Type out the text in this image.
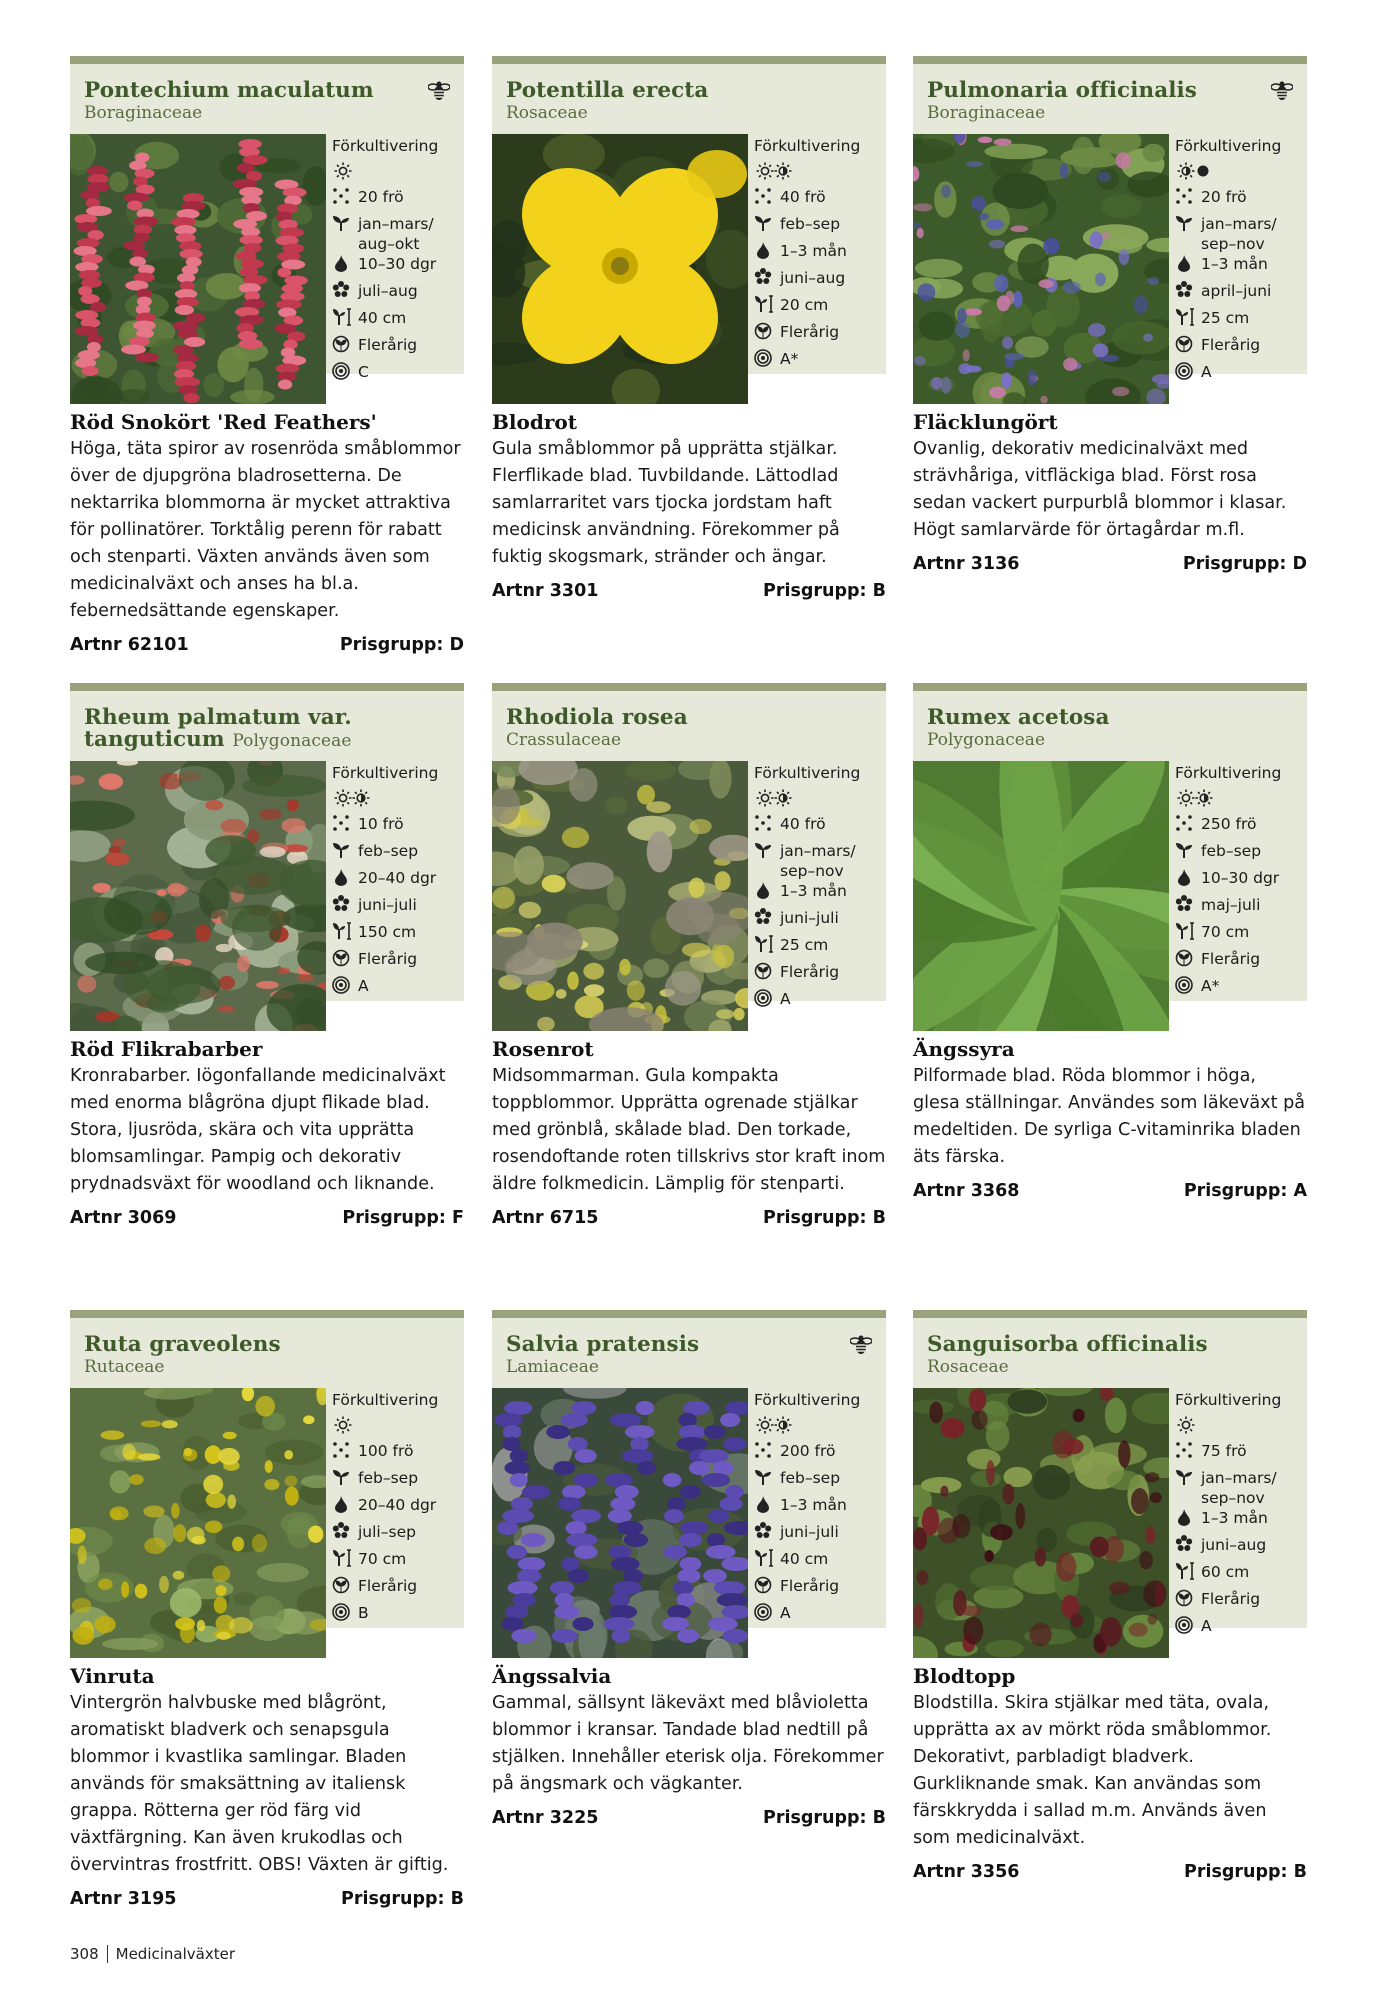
Pontechium maculatum
Boraginaceae
Förkultivering
20 frö
jan–mars/ aug–okt
10–30 dgr
juli–aug
40 cm
Flerårig
C
Röd Snokört 'Red Feathers'
Höga, täta spiror av rosenröda småblommor över de djupgröna bladrosetterna. De nektarrika blommorna är mycket attraktiva för pollinatörer. Torktålig perenn för rabatt och stenparti. Växten används även som medicinalväxt och anses ha bl.a. febernedsättande egenskaper.
Artnr 62101	Prisgrupp: D
Potentilla erecta
Rosaceae
Förkultivering
40 frö
feb–sep
1–3 mån
juni–aug
20 cm
Flerårig
A*
Blodrot
Gula småblommor på upprätta stjälkar. Flerflikade blad. Tuvbildande. Lättodlad samlarraritet vars tjocka jordstam haft medicinsk användning. Förekommer på fuktig skogsmark, stränder och ängar.
Artnr 3301	Prisgrupp: B
Pulmonaria officinalis
Boraginaceae
Förkultivering
20 frö
jan–mars/ sep–nov
1–3 mån
april–juni
25 cm
Flerårig
A
Fläcklungört
Ovanlig, dekorativ medicinalväxt med strävhåriga, vitfläckiga blad. Först rosa sedan vackert purpurblå blommor i klasar. Högt samlarvärde för örtagårdar m.fl.
Artnr 3136	Prisgrupp: D
Rheum palmatum var.
tanguticum Polygonaceae
Förkultivering
10 frö
feb–sep
20–40 dgr
juni–juli
150 cm
Flerårig
A
Röd Flikrabarber
Kronrabarber. Iögonfallande medicinalväxt med enorma blågröna djupt flikade blad. Stora, ljusröda, skära och vita upprätta blomsamlingar. Pampig och dekorativ prydnadsväxt för woodland och liknande.
Artnr 3069	Prisgrupp: F
Rhodiola rosea
Crassulaceae
Förkultivering
40 frö
jan–mars/ sep–nov
1–3 mån
juni–juli
25 cm
Flerårig
A
Rosenrot
Midsommarman. Gula kompakta toppblommor. Upprätta ogrenade stjälkar med grönblå, skålade blad. Den torkade, rosendoftande roten tillskrivs stor kraft inom äldre folkmedicin. Lämplig för stenparti.
Artnr 6715	Prisgrupp: B
Rumex acetosa
Polygonaceae
Förkultivering
250 frö
feb–sep
10–30 dgr
maj–juli
70 cm
Flerårig
A*
Ängssyra
Pilformade blad. Röda blommor i höga, glesa ställningar. Användes som läkeväxt på medeltiden. De syrliga C-vitaminrika bladen äts färska.
Artnr 3368	Prisgrupp: A
Ruta graveolens
Rutaceae
Förkultivering
100 frö
feb–sep
20–40 dgr
juli–sep
70 cm
Flerårig
B
Vinruta
Vintergrön halvbuske med blågrönt, aromatiskt bladverk och senapsgula blommor i kvastlika samlingar. Bladen används för smaksättning av italiensk grappa. Rötterna ger röd färg vid växtfärgning. Kan även krukodlas och övervintras frostfritt. OBS! Växten är giftig.
Artnr 3195	Prisgrupp: B
Salvia pratensis
Lamiaceae
Förkultivering
200 frö
feb–sep
1–3 mån
juni–juli
40 cm
Flerårig
A
Ängssalvia
Gammal, sällsynt läkeväxt med blåvioletta blommor i kransar. Tandade blad nedtill på stjälken. Innehåller eterisk olja. Förekommer på ängsmark och vägkanter.
Artnr 3225	Prisgrupp: B
Sanguisorba officinalis
Rosaceae
Förkultivering
75 frö
jan–mars/ sep–nov
1–3 mån
juni–aug
60 cm
Flerårig
A
Blodtopp
Blodstilla. Skira stjälkar med täta, ovala, upprätta ax av mörkt röda småblommor. Dekorativt, parbladigt bladverk. Gurkliknande smak. Kan användas som färskkrydda i sallad m.m. Används även som medicinalväxt.
Artnr 3356	Prisgrupp: B
308 Medicinalväxter
